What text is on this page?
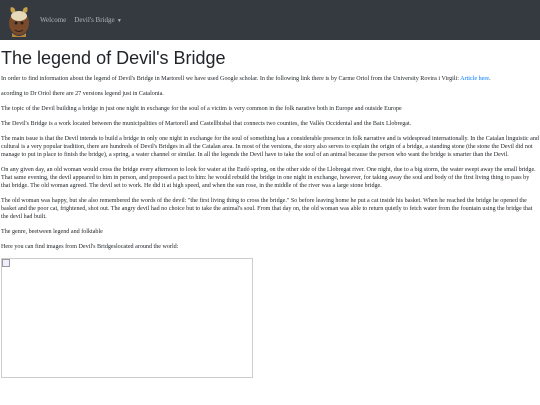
Welcome Devil's Bridge ▼
The legend of Devil's Bridge

In order to find information about the legend of Devil's Bridge in Martorell we have used Google scholar. In the following link there is by Carme Oriol from the University Rovira i Virgili: Article here.

acording to Dr Oriol there are 27 versions legend just in Catalonia.

The topic of the Devil building a bridge in just one night in exchange for the soul of a victim is very common in the folk narative both in Europe and outside Europe

The Devil's Bridge is a work located between the municipalities of Martorell and Castellbisbal that connects two counties, the Vallès Occidental and the Baix Llobregat.

The main issue is that the Devil intends to build a bridge in only one night in exchange for the soul of something has a considerable presence in folk narrative and is widespread internationally. In the Catalan linguistic and cultural is a very popular tradition, there are hundreds of Devil's Bridges in all the Catalan area. In most of the versions, the story also serves to explain the origin of a bridge, a standing stone (the stone the Devil did not manage to put in place to finish the bridge), a spring, a water channel or similar. In all the legends the Devil have to take the soul of an animal because the person who want the bridge is smarter than the Devil.

On any given day, an old woman would cross the bridge every afternoon to look for water at the Eudó spring, on the other side of the Llobregat river. One night, due to a big storm, the water swept away the small bridge. That same evening, the devil appeared to him in person, and proposed a pact to him: he would rebuild the bridge in one night in exchange, however, for taking away the soul and body of the first living thing to pass by that bridge. The old woman agreed. The devil set to work. He did it at high speed, and when the sun rose, in the middle of the river was a large stone bridge.

The old woman was happy, but she also remembered the words of the devil: "the first living thing to cross the bridge." So before leaving home he put a cat inside his basket. When he reached the bridge he opened the basket and the poor cat, frightened, shot out. The angry devil had no choice but to take the animal's soul. From that day on, the old woman was able to return quietly to fetch water from the fountain using the bridge that the devil had built.

The genre, beetween legend and folktable

Here you can find images from Devil's Bridgeslocated around the world:
